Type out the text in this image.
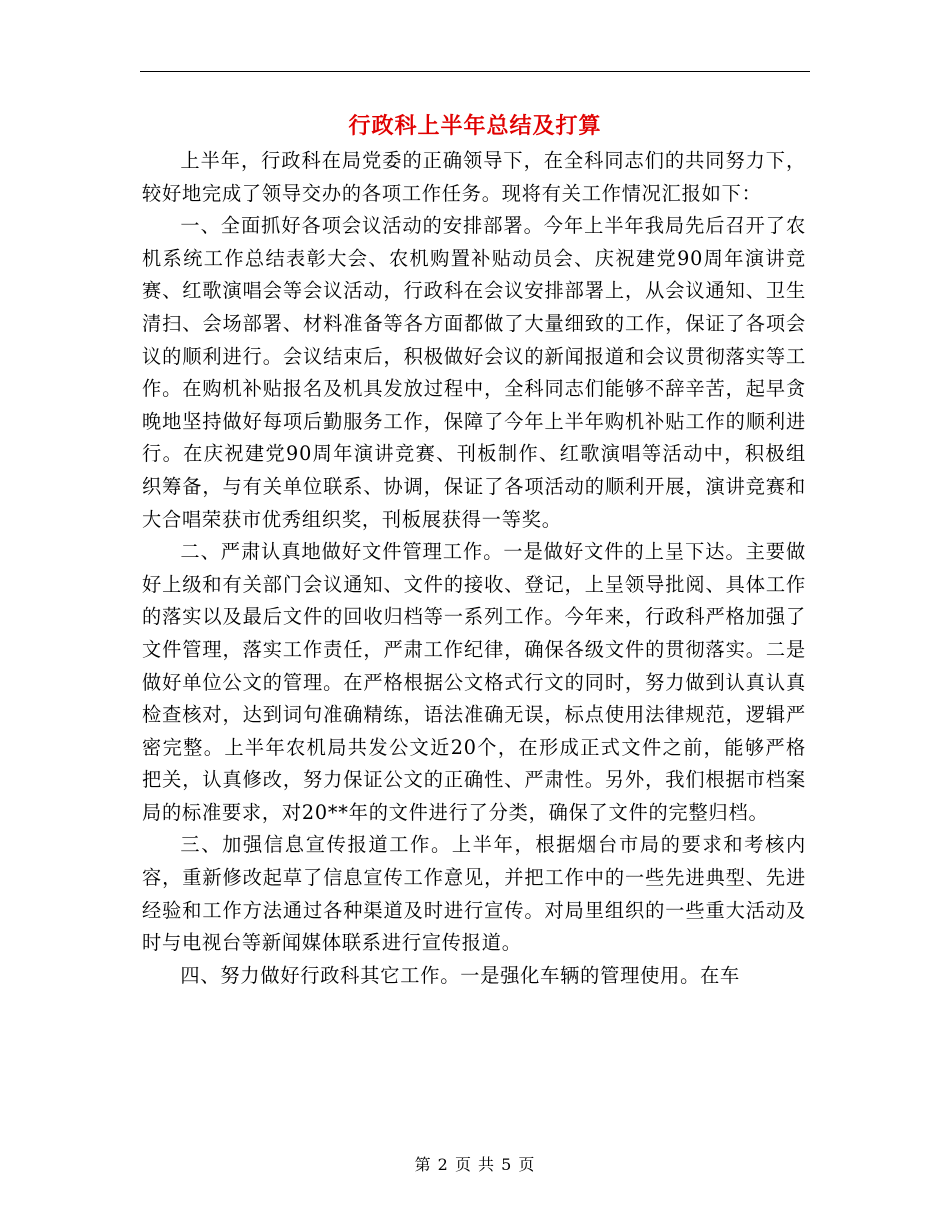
行政科上半年总结及打算

上半年，行政科在局党委的正确领导下，在全科同志们的共同努力下，较好地完成了领导交办的各项工作任务。现将有关工作情况汇报如下：

一、全面抓好各项会议活动的安排部署。今年上半年我局先后召开了农机系统工作总结表彰大会、农机购置补贴动员会、庆祝建党90周年演讲竞赛、红歌演唱会等会议活动，行政科在会议安排部署上，从会议通知、卫生清扫、会场部署、材料准备等各方面都做了大量细致的工作，保证了各项会议的顺利进行。会议结束后，积极做好会议的新闻报道和会议贯彻落实等工作。在购机补贴报名及机具发放过程中，全科同志们能够不辞辛苦，起早贪晚地坚持做好每项后勤服务工作，保障了今年上半年购机补贴工作的顺利进行。在庆祝建党90周年演讲竞赛、刊板制作、红歌演唱等活动中，积极组织筹备，与有关单位联系、协调，保证了各项活动的顺利开展，演讲竞赛和大合唱荣获市优秀组织奖，刊板展获得一等奖。

二、严肃认真地做好文件管理工作。一是做好文件的上呈下达。主要做好上级和有关部门会议通知、文件的接收、登记，上呈领导批阅、具体工作的落实以及最后文件的回收归档等一系列工作。今年来，行政科严格加强了文件管理，落实工作责任，严肃工作纪律，确保各级文件的贯彻落实。二是做好单位公文的管理。在严格根据公文格式行文的同时，努力做到认真认真检查核对，达到词句准确精练，语法准确无误，标点使用法律规范，逻辑严密完整。上半年农机局共发公文近20个，在形成正式文件之前，能够严格把关，认真修改，努力保证公文的正确性、严肃性。另外，我们根据市档案局的标准要求，对20**年的文件进行了分类，确保了文件的完整归档。

三、加强信息宣传报道工作。上半年，根据烟台市局的要求和考核内容，重新修改起草了信息宣传工作意见，并把工作中的一些先进典型、先进经验和工作方法通过各种渠道及时进行宣传。对局里组织的一些重大活动及时与电视台等新闻媒体联系进行宣传报道。

四、努力做好行政科其它工作。一是强化车辆的管理使用。在车

第 2 页 共 5 页
